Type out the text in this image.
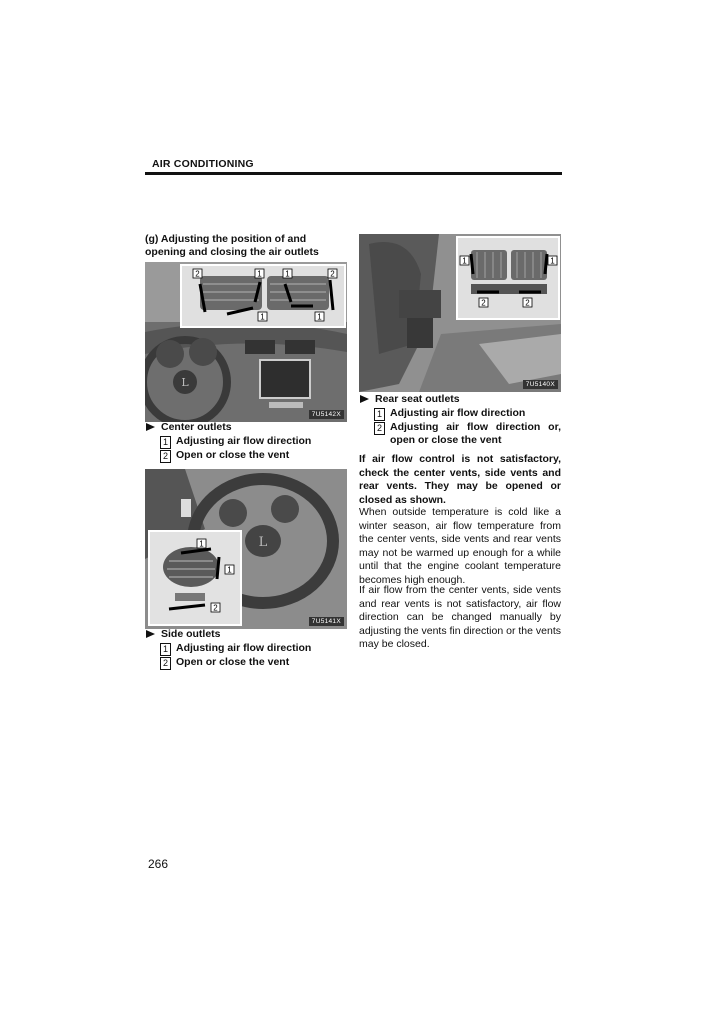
AIR CONDITIONING
(g) Adjusting the position of and opening and closing the air outlets
L
2	1	1	2
1	1
7U5142X
Center outlets
1 Adjusting air flow direction
2 Open or close the vent
L
1
1
2
7U5141X
Side outlets
1 Adjusting air flow direction
2 Open or close the vent
1	1
2	2
7U5140X
Rear seat outlets
1 Adjusting air flow direction
2 Adjusting air flow direction or, open or close the vent
If air flow control is not satisfactory, check the center vents, side vents and rear vents. They may be opened or closed as shown.
When outside temperature is cold like a winter season, air flow temperature from the center vents, side vents and rear vents may not be warmed up enough for a while until that the engine coolant temperature becomes high enough.
If air flow from the center vents, side vents and rear vents is not satisfactory, air flow direction can be changed manually by adjusting the vents fin direction or the vents may be closed.
266
